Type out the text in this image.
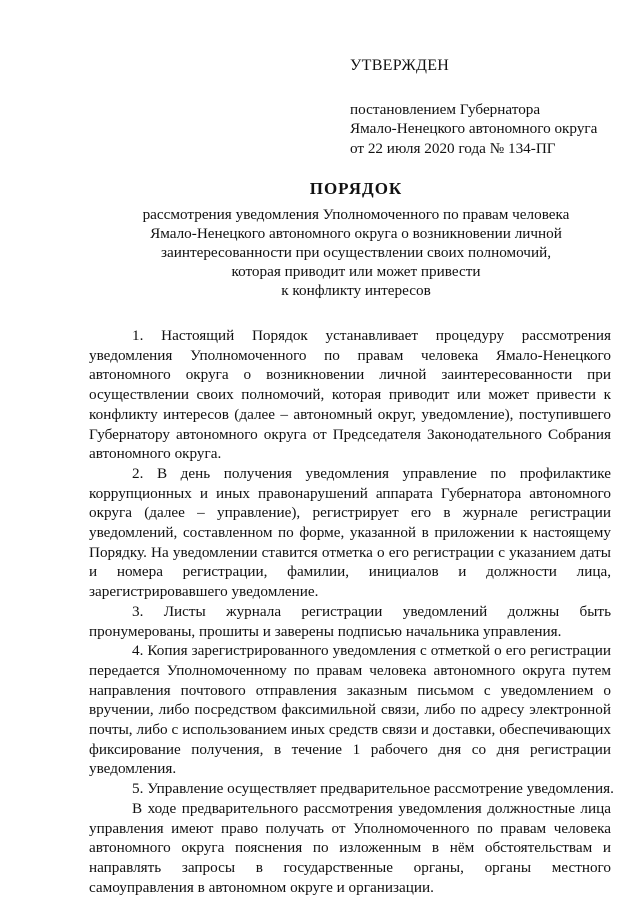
УТВЕРЖДЕН
постановлением Губернатора
Ямало-Ненецкого автономного округа
от 22 июля 2020 года № 134-ПГ
ПОРЯДОК
рассмотрения уведомления Уполномоченного по правам человека
Ямало-Ненецкого автономного округа о возникновении личной
заинтересованности при осуществлении своих полномочий,
которая приводит или может привести
к конфликту интересов
1. Настоящий Порядок устанавливает процедуру рассмотрения
уведомления Уполномоченного по правам человека Ямало-Ненецкого
автономного округа о возникновении личной заинтересованности при
осуществлении своих полномочий, которая приводит или может привести к
конфликту интересов (далее – автономный округ, уведомление), поступившего
Губернатору автономного округа от Председателя Законодательного Собрания
автономного округа.
2. В день получения уведомления управление по профилактике
коррупционных и иных правонарушений аппарата Губернатора автономного
округа (далее – управление), регистрирует его в журнале регистрации
уведомлений, составленном по форме, указанной в приложении к настоящему
Порядку. На уведомлении ставится отметка о его регистрации с указанием даты
и номера регистрации, фамилии, инициалов и должности лица,
зарегистрировавшего уведомление.
3. Листы журнала регистрации уведомлений должны быть
пронумерованы, прошиты и заверены подписью начальника управления.
4. Копия зарегистрированного уведомления с отметкой о его регистрации
передается Уполномоченному по правам человека автономного округа путем
направления почтового отправления заказным письмом с уведомлением о
вручении, либо посредством факсимильной связи, либо по адресу электронной
почты, либо с использованием иных средств связи и доставки, обеспечивающих
фиксирование получения, в течение 1 рабочего дня со дня регистрации
уведомления.
5. Управление осуществляет предварительное рассмотрение уведомления.
В ходе предварительного рассмотрения уведомления должностные лица
управления имеют право получать от Уполномоченного по правам человека
автономного округа пояснения по изложенным в нём обстоятельствам и
направлять запросы в государственные органы, органы местного
самоуправления в автономном округе и организации.
